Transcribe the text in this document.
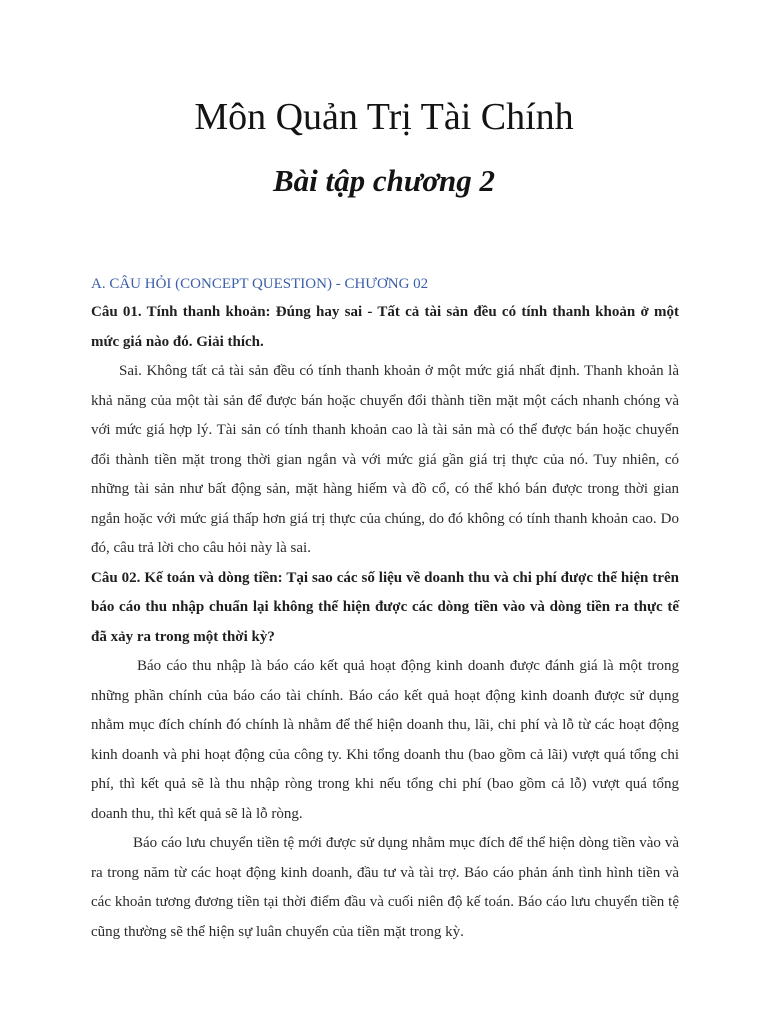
Môn Quản Trị Tài Chính
Bài tập chương 2

A. CÂU HỎI (CONCEPT QUESTION) - CHƯƠNG 02

Câu 01. Tính thanh khoản: Đúng hay sai - Tất cả tài sản đều có tính thanh khoản ở một mức giá nào đó. Giải thích.

Sai. Không tất cả tài sản đều có tính thanh khoản ở một mức giá nhất định. Thanh khoản là khả năng của một tài sản để được bán hoặc chuyển đổi thành tiền mặt một cách nhanh chóng và với mức giá hợp lý. Tài sản có tính thanh khoản cao là tài sản mà có thể được bán hoặc chuyển đổi thành tiền mặt trong thời gian ngắn và với mức giá gần giá trị thực của nó. Tuy nhiên, có những tài sản như bất động sản, mặt hàng hiếm và đồ cổ, có thể khó bán được trong thời gian ngắn hoặc với mức giá thấp hơn giá trị thực của chúng, do đó không có tính thanh khoản cao. Do đó, câu trả lời cho câu hỏi này là sai.

Câu 02. Kế toán và dòng tiền: Tại sao các số liệu về doanh thu và chi phí được thể hiện trên báo cáo thu nhập chuẩn lại không thể hiện được các dòng tiền vào và dòng tiền ra thực tế đã xảy ra trong một thời kỳ?

Báo cáo thu nhập là báo cáo kết quả hoạt động kinh doanh được đánh giá là một trong những phần chính của báo cáo tài chính. Báo cáo kết quả hoạt động kinh doanh được sử dụng nhằm mục đích chính đó chính là nhằm để thể hiện doanh thu, lãi, chi phí và lỗ từ các hoạt động kinh doanh và phi hoạt động của công ty. Khi tổng doanh thu (bao gồm cả lãi) vượt quá tổng chi phí, thì kết quả sẽ là thu nhập ròng trong khi nếu tổng chi phí (bao gồm cả lỗ) vượt quá tổng doanh thu, thì kết quả sẽ là lỗ ròng.

Báo cáo lưu chuyển tiền tệ mới được sử dụng nhằm mục đích để thể hiện dòng tiền vào và ra trong năm từ các hoạt động kinh doanh, đầu tư và tài trợ. Báo cáo phản ánh tình hình tiền và các khoản tương đương tiền tại thời điểm đầu và cuối niên độ kế toán. Báo cáo lưu chuyển tiền tệ cũng thường sẽ thể hiện sự luân chuyển của tiền mặt trong kỳ.
